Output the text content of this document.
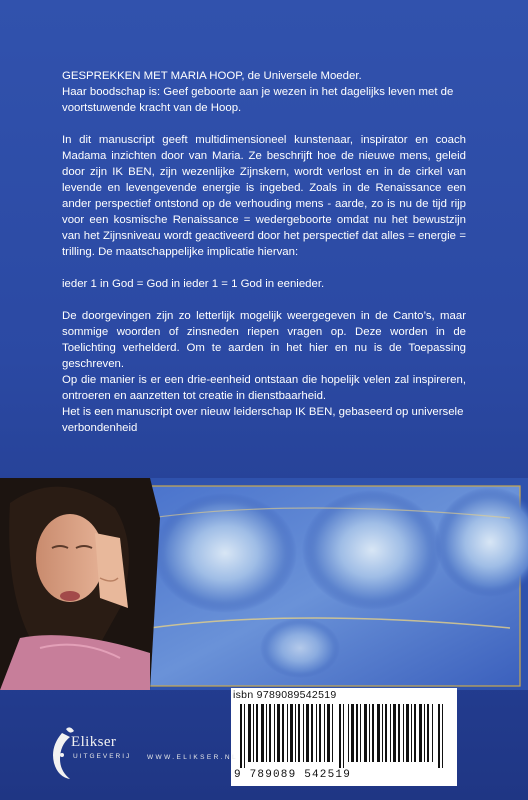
GESPREKKEN MET MARIA HOOP, de Universele Moeder.

Haar boodschap is: Geef geboorte aan je wezen in het dagelijks leven met de voortstuwende kracht van de Hoop.

In dit manuscript geeft multidimensioneel kunstenaar, inspirator en coach Madama inzichten door van Maria. Ze beschrijft hoe de nieuwe mens, geleid door zijn IK BEN, zijn wezenlijke Zijnskern, wordt verlost en in de cirkel van levende en levengevende energie is ingebed. Zoals in de Renaissance een ander perspectief ontstond op de verhouding mens - aarde, zo is nu de tijd rijp voor een kosmische Renaissance = wedergeboorte omdat nu het bewustzijn van het Zijnsniveau wordt geactiveerd door het perspectief dat alles = energie = trilling. De maatschappelijke implicatie hiervan:

ieder 1 in God = God in ieder 1 = 1 God in eenieder.

De doorgevingen zijn zo letterlijk mogelijk weergegeven in de Canto’s, maar sommige woorden of zinsneden riepen vragen op. Deze worden in de Toelichting verhelderd. Om te aarden in het hier en nu is de Toepassing geschreven.

Op die manier is er een drie-eenheid ontstaan die hopelijk velen zal inspireren, ontroeren en aanzetten tot creatie in dienstbaarheid.

Het is een manuscript over nieuw leiderschap IK BEN, gebaseerd op universele verbondenheid

isbn 9789089542519
9 789089 542519
Elikser
UITGEVERIJ WWW.ELIKSER.NL
